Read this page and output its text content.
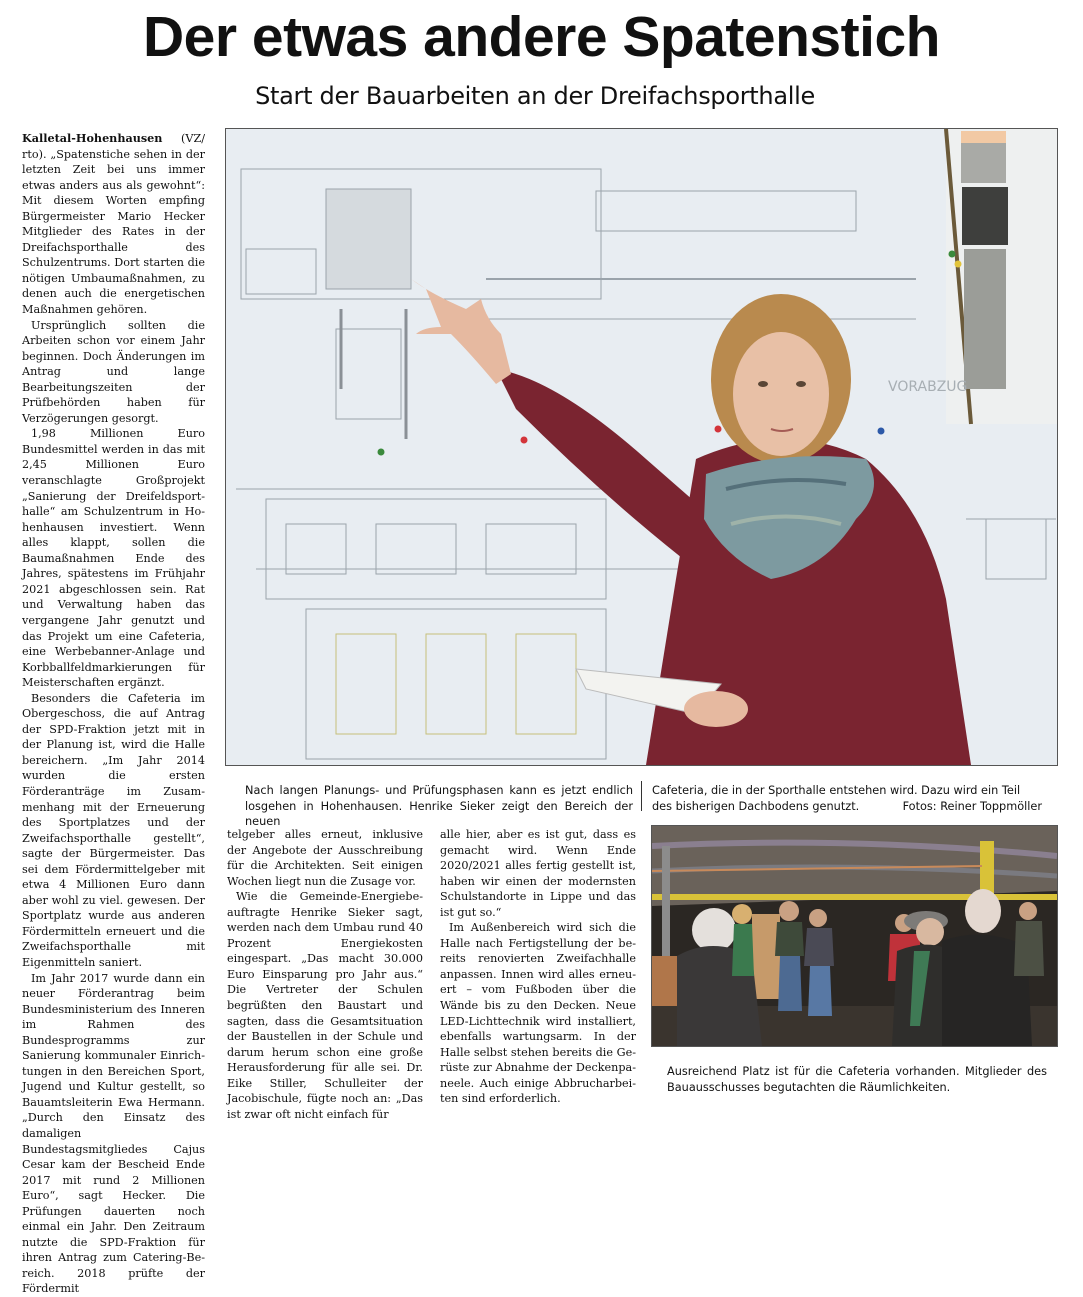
Der etwas andere Spatenstich
Start der Bauarbeiten an der Dreifachsporthalle

Kalletal-Hohenhausen (VZ/ rto). „Spatenstiche sehen in der letzten Zeit bei uns immer etwas anders aus als gewohnt“: Mit diesem Worten empfing Bürgermeister Mario Hecker Mitglieder des Rates in der Dreifachsporthalle des Schulzentrums. Dort starten die nötigen Umbaumaßnahmen, zu denen auch die energetischen Maßnahmen gehören.

Ursprünglich sollten die Arbeiten schon vor einem Jahr beginnen. Doch Änderungen im Antrag und lange Bearbeitungszeiten der Prüfbehörden haben für Verzögerungen gesorgt.

1,98 Millionen Euro Bundesmittel werden in das mit 2,45 Millionen Euro veranschlagte Großprojekt „Sanierung der Dreifeldsporthalle“ am Schulzentrum in Hohenhausen investiert. Wenn alles klappt, sollen die Baumaßnahmen Ende des Jahres, spätestens im Frühjahr 2021 abgeschlossen sein. Rat und Verwaltung haben das vergangene Jahr genutzt und das Projekt um eine Cafeteria, eine Werbebanner-Anlage und Korbballfeldmarkierungen für Meisterschaften ergänzt.

Besonders die Cafeteria im Obergeschoss, die auf Antrag der SPD-Fraktion jetzt mit in der Planung ist, wird die Halle bereichern. „Im Jahr 2014 wurden die ersten Förderanträge im Zusammenhang mit der Erneuerung des Sportplatzes und der Zweifachsporthalle gestellt“, sagte der Bürgermeister. Das sei dem Fördermittelgeber mit etwa 4 Millionen Euro dann aber wohl zu viel. gewesen. Der Sportplatz wurde aus anderen Fördermitteln erneuert und die Zweifachsporthalle mit Eigenmitteln saniert.

Im Jahr 2017 wurde dann ein neuer Förderantrag beim Bundesministerium des Inneren im Rahmen des Bundesprogramms zur Sanierung kommunaler Einrichtungen in den Bereichen Sport, Jugend und Kultur gestellt, so Bauamtsleiterin Ewa Hermann. „Durch den Einsatz des damaligen Bundestagsmitgliedes Cajus Cesar kam der Bescheid Ende 2017 mit rund 2 Millionen Euro“, sagt Hecker. Die Prüfungen dauerten noch einmal ein Jahr. Den Zeitraum nutzte die SPD-Fraktion für ihren Antrag zum Catering-Bereich. 2018 prüfte der Fördermit

telgeber alles erneut, inklusive der Angebote der Ausschreibung für die Architekten. Seit einigen Wochen liegt nun die Zusage vor.

Wie die Gemeinde-Energiebeauftragte Henrike Sieker sagt, werden nach dem Umbau rund 40 Prozent Energiekosten eingespart. „Das macht 30.000 Euro Einsparung pro Jahr aus.“ Die Vertreter der Schulen begrüßten den Baustart und sagten, dass die Gesamtsituation der Baustellen in der Schule und darum herum schon eine große Herausforderung für alle sei. Dr. Eike Stiller, Schulleiter der Jacobischule, fügte noch an: „Das ist zwar oft nicht einfach für

alle hier, aber es ist gut, dass es gemacht wird. Wenn Ende 2020/2021 alles fertig gestellt ist, haben wir einen der modernsten Schulstandorte in Lippe und das ist gut so.“

Im Außenbereich wird sich die Halle nach Fertigstellung der bereits renovierten Zweifachhalle anpassen. Innen wird alles erneuert – vom Fußboden über die Wände bis zu den Decken. Neue LED-Lichttechnik wird installiert, ebenfalls wartungsarm. In der Halle selbst stehen bereits die Gerüste zur Abnahme der Deckenpaneele. Auch einige Abbrucharbeiten sind erforderlich.

VORABZUG
Nach langen Planungs- und Prüfungsphasen kann es jetzt endlich losgehen in Hohenhausen. Henrike Sieker zeigt den Bereich der neuen
Cafeteria, die in der Sporthalle entstehen wird. Dazu wird ein Teil des bisherigen Dachbodens genutzt.	Fotos: Reiner Toppmöller
Ausreichend Platz ist für die Cafeteria vorhanden. Mitglieder des Bauausschusses begutachten die Räumlichkeiten.
